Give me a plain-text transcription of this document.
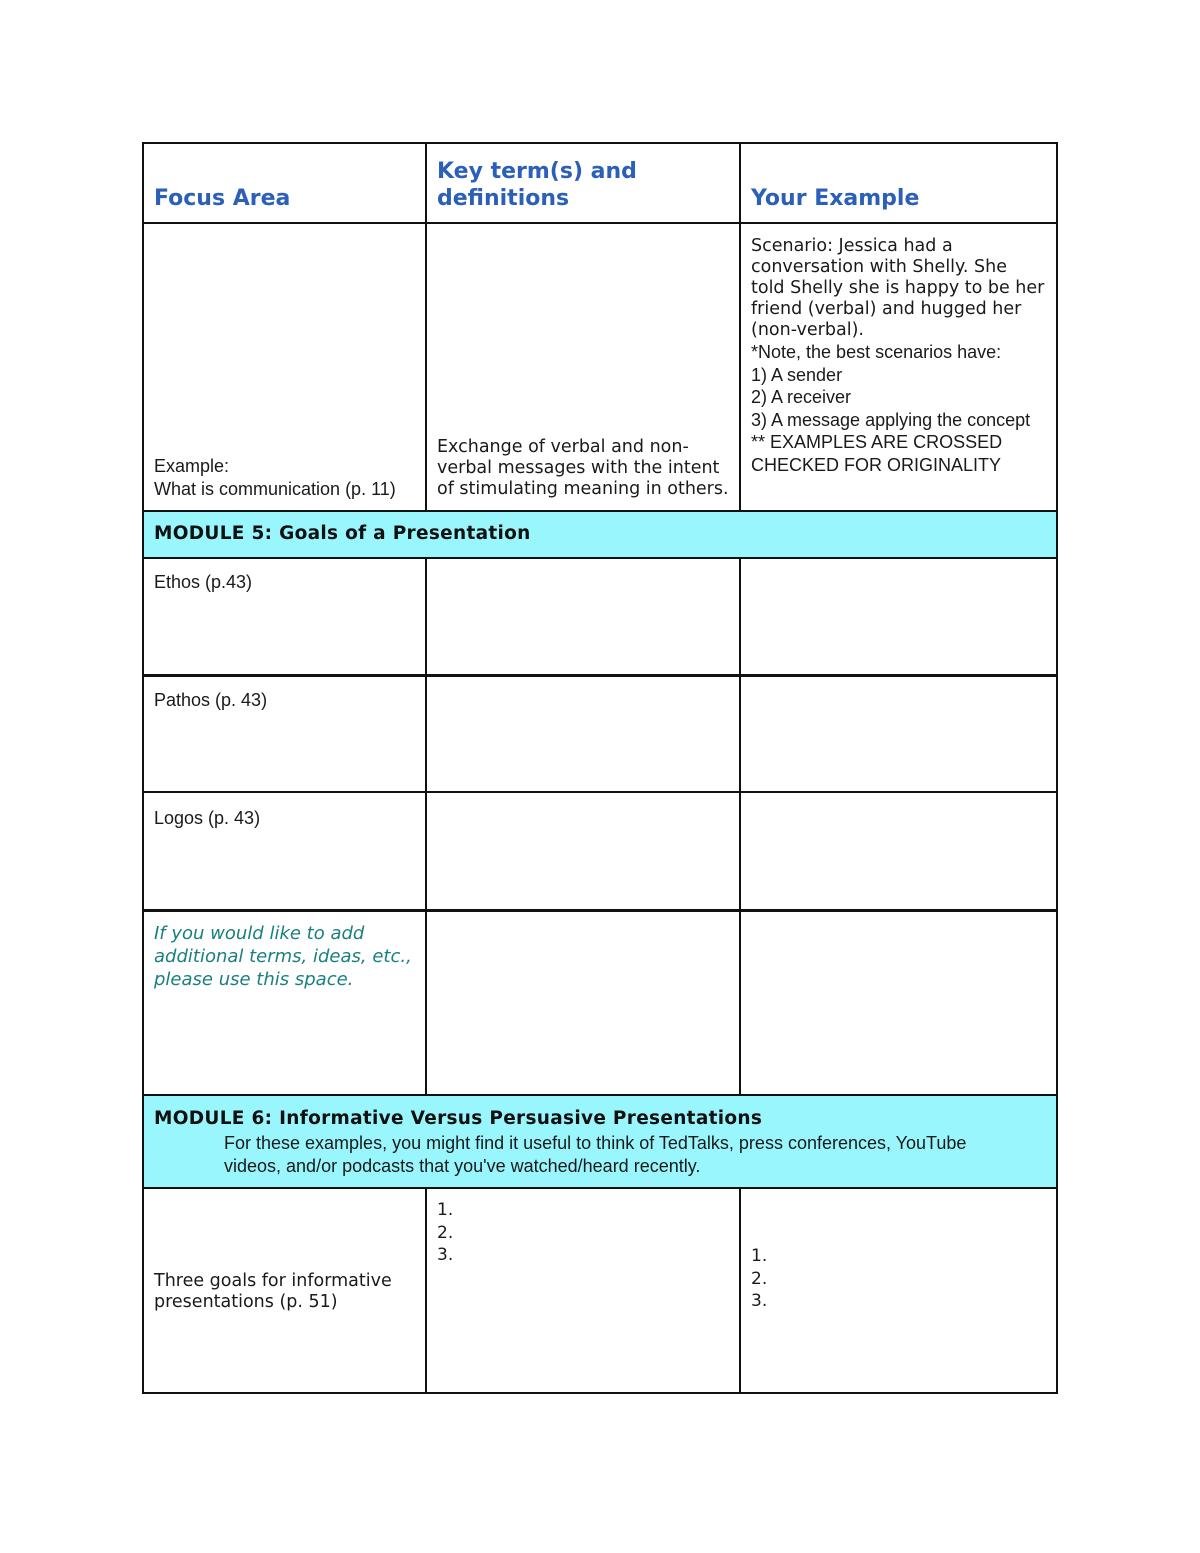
Focus Area
Key term(s) and definitions	Your Example
Example:
What is communication (p. 11)
Exchange of verbal and non-verbal messages with the intent of stimulating meaning in others.
Scenario: Jessica had a conversation with Shelly. She told Shelly she is happy to be her friend (verbal) and hugged her (non-verbal).
*Note, the best scenarios have:
1) A sender
2) A receiver
3) A message applying the concept
** EXAMPLES ARE CROSSED CHECKED FOR ORIGINALITY
MODULE 5: Goals of a Presentation
Ethos (p.43)
Pathos (p. 43)
Logos (p. 43)
If you would like to add additional terms, ideas, etc., please use this space.
MODULE 6: Informative Versus Persuasive Presentations
For these examples, you might find it useful to think of TedTalks, press conferences, YouTube videos, and/or podcasts that you've watched/heard recently.
Three goals for informative presentations (p. 51)
1.
2.
3.	1.
2.
3.
